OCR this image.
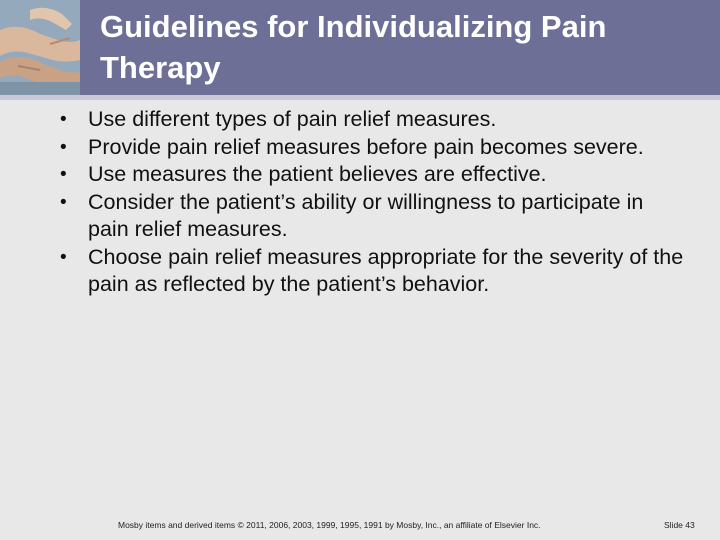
Guidelines for Individualizing Pain Therapy
• Use different types of pain relief measures.
• Provide pain relief measures before pain becomes severe.
• Use measures the patient believes are effective.
• Consider the patient’s ability or willingness to participate in pain relief measures.
• Choose pain relief measures appropriate for the severity of the pain as reflected by the patient’s behavior.
Mosby items and derived items © 2011, 2006, 2003, 1999, 1995, 1991 by Mosby, Inc., an affiliate of Elsevier Inc.	Slide 43
